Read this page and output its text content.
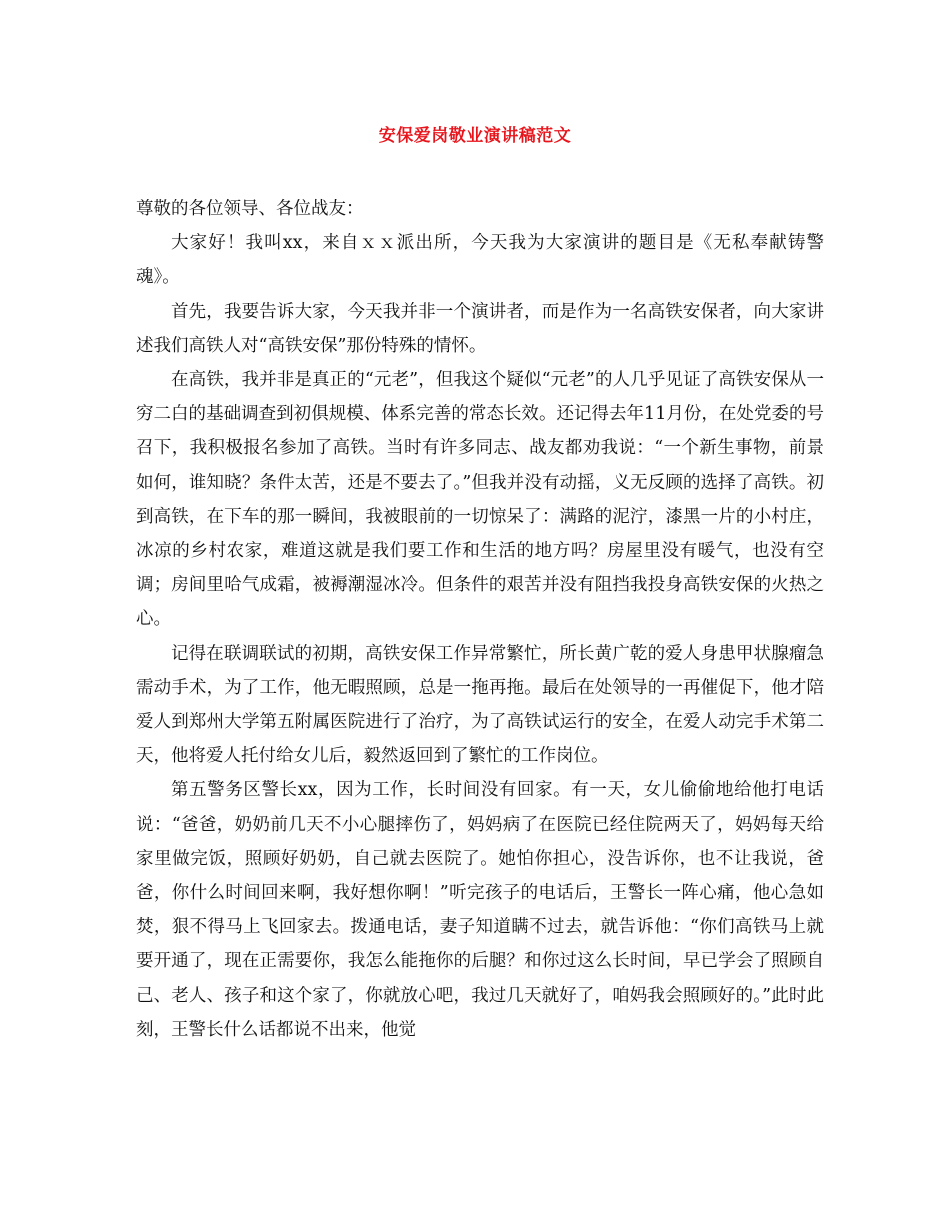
安保爱岗敬业演讲稿范文

尊敬的各位领导、各位战友：

大家好！我叫xx，来自ｘｘ派出所，今天我为大家演讲的题目是《无私奉献铸警魂》。

首先，我要告诉大家，今天我并非一个演讲者，而是作为一名高铁安保者，向大家讲述我们高铁人对“高铁安保”那份特殊的情怀。

在高铁，我并非是真正的“元老”，但我这个疑似“元老”的人几乎见证了高铁安保从一穷二白的基础调查到初俱规模、体系完善的常态长效。还记得去年11月份，在处党委的号召下，我积极报名参加了高铁。当时有许多同志、战友都劝我说：“一个新生事物，前景如何，谁知晓？条件太苦，还是不要去了。”但我并没有动摇，义无反顾的选择了高铁。初到高铁，在下车的那一瞬间，我被眼前的一切惊呆了：满路的泥泞，漆黑一片的小村庄，冰凉的乡村农家，难道这就是我们要工作和生活的地方吗？房屋里没有暖气，也没有空调；房间里哈气成霜，被褥潮湿冰冷。但条件的艰苦并没有阻挡我投身高铁安保的火热之心。

记得在联调联试的初期，高铁安保工作异常繁忙，所长黄广乾的爱人身患甲状腺瘤急需动手术，为了工作，他无暇照顾，总是一拖再拖。最后在处领导的一再催促下，他才陪爱人到郑州大学第五附属医院进行了治疗，为了高铁试运行的安全，在爱人动完手术第二天，他将爱人托付给女儿后，毅然返回到了繁忙的工作岗位。

第五警务区警长xx，因为工作，长时间没有回家。有一天，女儿偷偷地给他打电话说：“爸爸，奶奶前几天不小心腿摔伤了，妈妈病了在医院已经住院两天了，妈妈每天给家里做完饭，照顾好奶奶，自己就去医院了。她怕你担心，没告诉你，也不让我说，爸爸，你什么时间回来啊，我好想你啊！”听完孩子的电话后，王警长一阵心痛，他心急如焚，狠不得马上飞回家去。拨通电话，妻子知道瞒不过去，就告诉他：“你们高铁马上就要开通了，现在正需要你，我怎么能拖你的后腿？和你过这么长时间，早已学会了照顾自己、老人、孩子和这个家了，你就放心吧，我过几天就好了，咱妈我会照顾好的。”此时此刻，王警长什么话都说不出来，他觉
